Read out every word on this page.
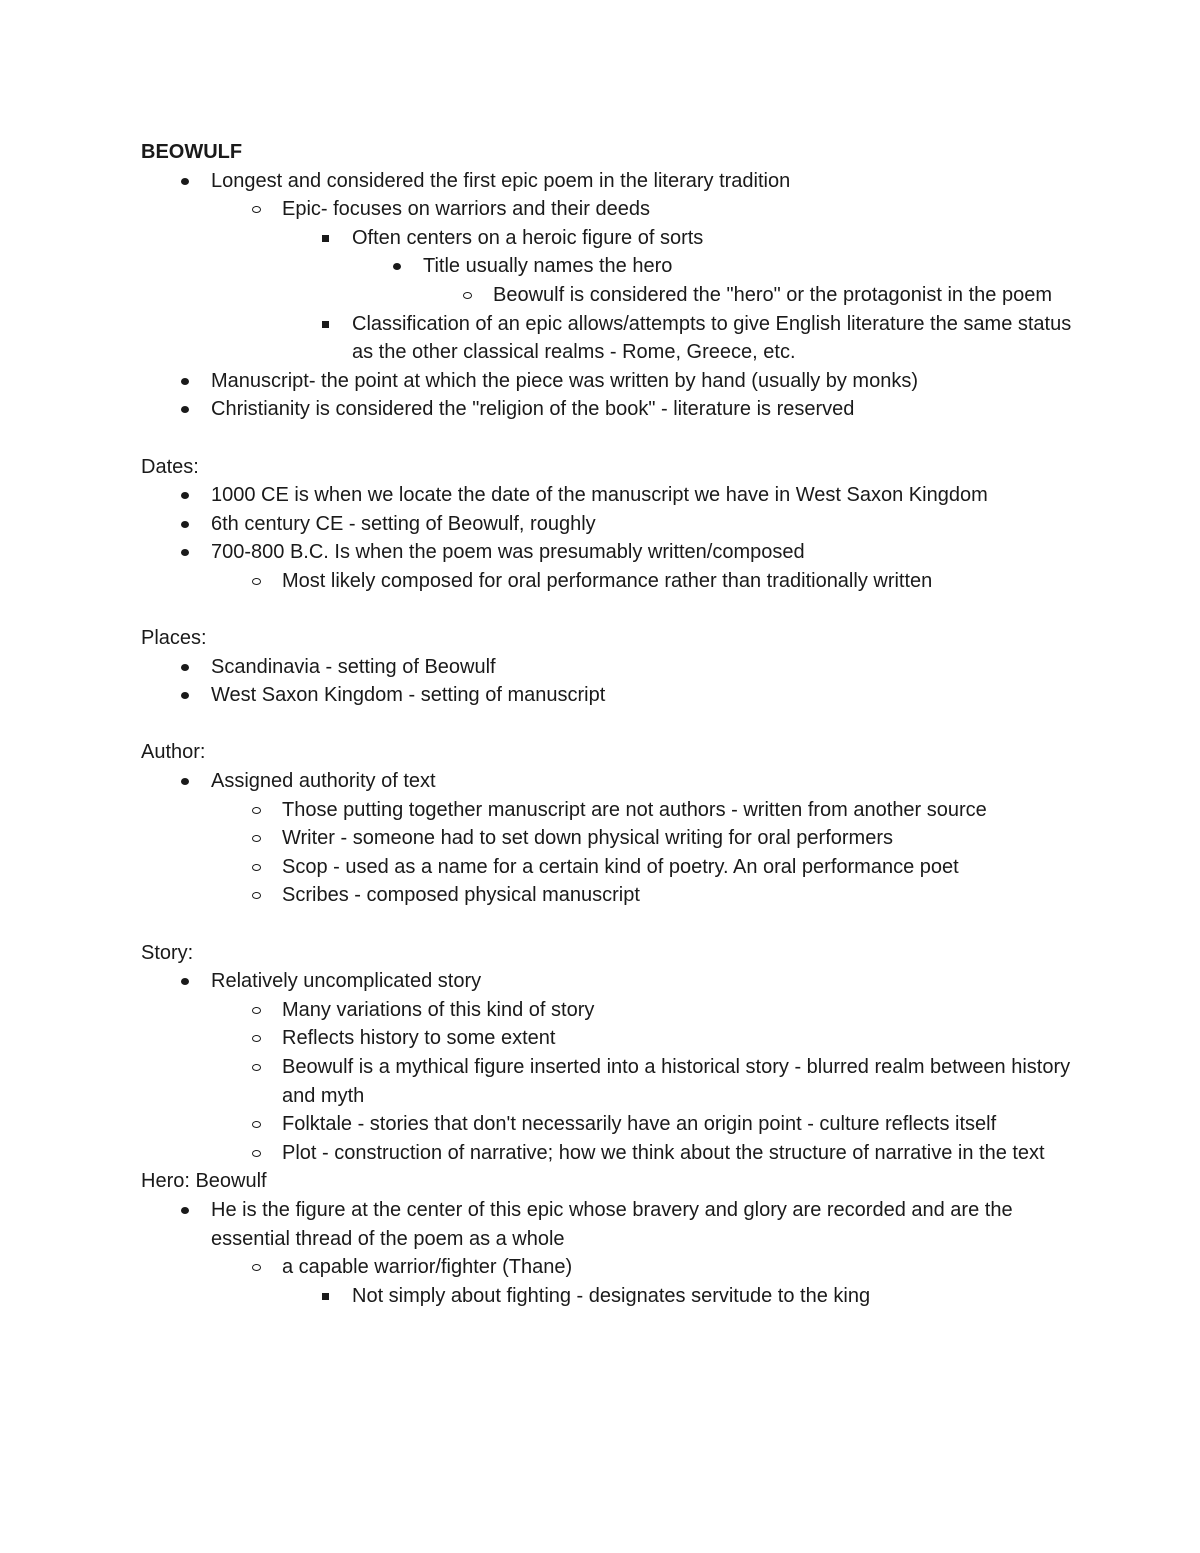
BEOWULF
Longest and considered the first epic poem in the literary tradition
Epic- focuses on warriors and their deeds
Often centers on a heroic figure of sorts
Title usually names the hero
Beowulf is considered the "hero" or the protagonist in the poem
Classification of an epic allows/attempts to give English literature the same status as the other classical realms - Rome, Greece, etc.
Manuscript- the point at which the piece was written by hand (usually by monks)
Christianity is considered the "religion of the book" - literature is reserved
Dates:
1000 CE is when we locate the date of the manuscript we have in West Saxon Kingdom
6th century CE - setting of Beowulf, roughly
700-800 B.C. Is when the poem was presumably written/composed
Most likely composed for oral performance rather than traditionally written
Places:
Scandinavia - setting of Beowulf
West Saxon Kingdom - setting of manuscript
Author:
Assigned authority of text
Those putting together manuscript are not authors - written from another source
Writer - someone had to set down physical writing for oral performers
Scop - used as a name for a certain kind of poetry. An oral performance poet
Scribes - composed physical manuscript
Story:
Relatively uncomplicated story
Many variations of this kind of story
Reflects history to some extent
Beowulf is a mythical figure inserted into a historical story - blurred realm between history and myth
Folktale - stories that don't necessarily have an origin point - culture reflects itself
Plot - construction of narrative; how we think about the structure of narrative in the text
Hero: Beowulf
He is the figure at the center of this epic whose bravery and glory are recorded and are the essential thread of the poem as a whole
a capable warrior/fighter (Thane)
Not simply about fighting - designates servitude to the king
